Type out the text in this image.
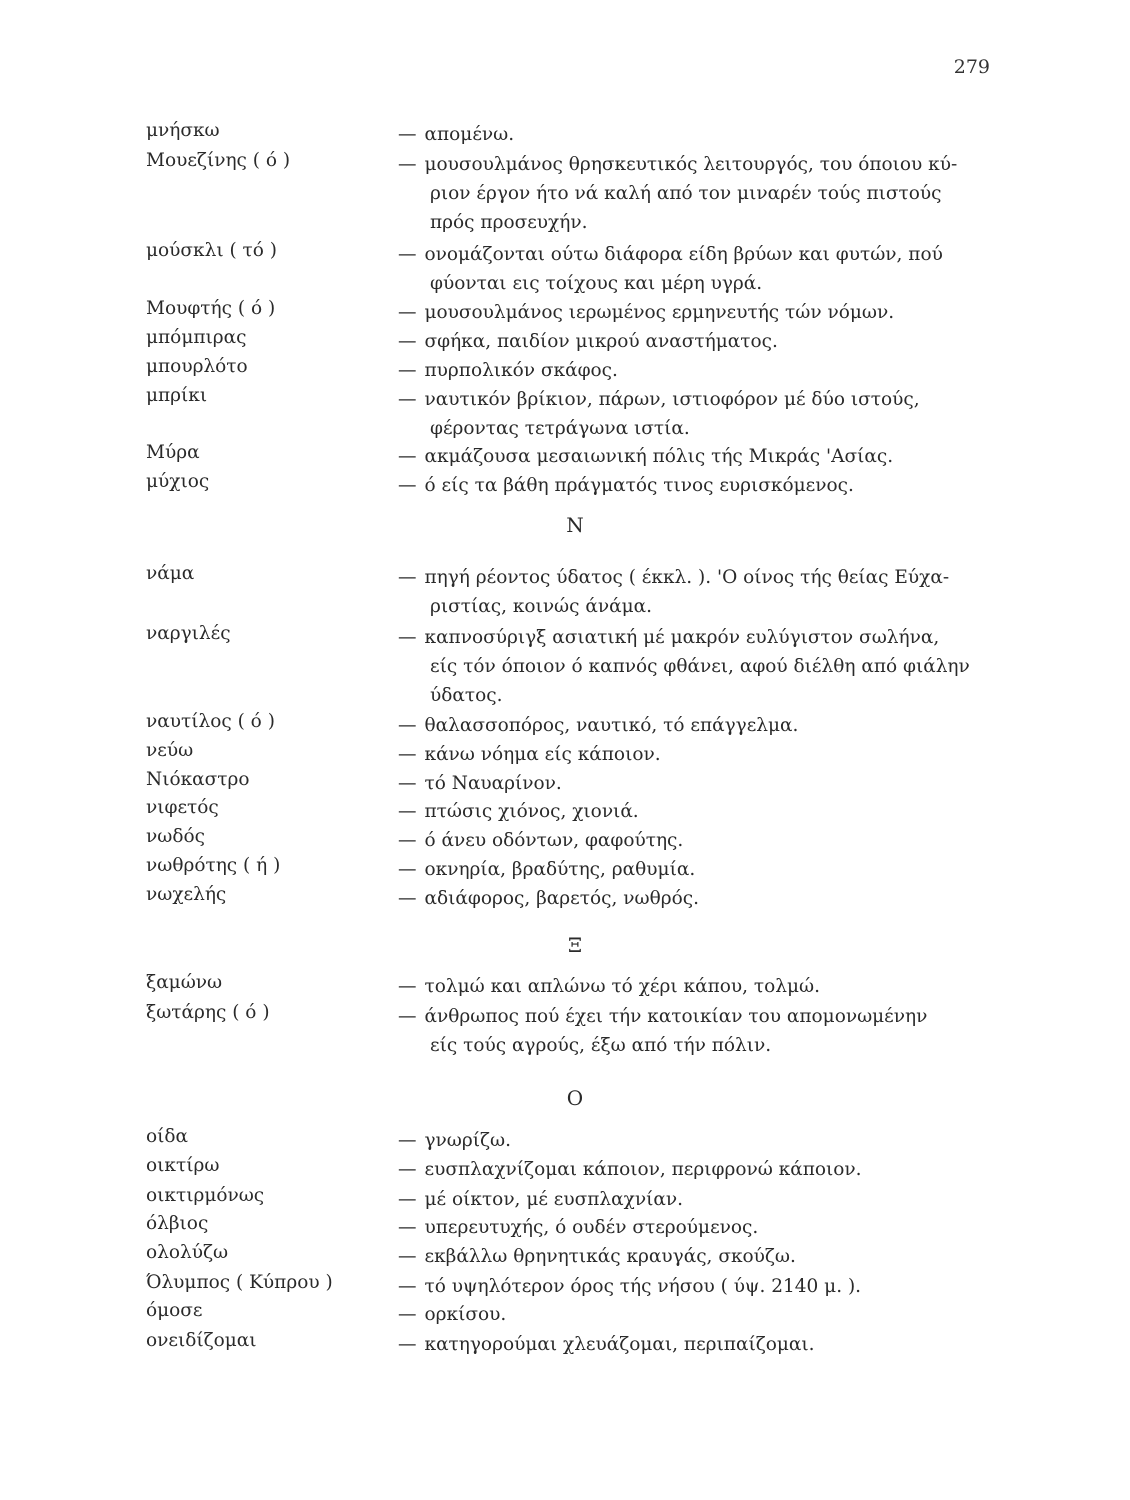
279
μνήσκω	— απομένω.
Μουεζίνης ( ό )	— μουσουλμάνος θρησκευτικός λειτουργός, του όποιου κύ-
ριον έργον ήτο νά καλή από τον μιναρέν τούς πιστούς
πρός προσευχήν.
μούσκλι ( τό )	— ονομάζονται ούτω διάφορα είδη βρύων και φυτών, πού
φύονται εις τοίχους και μέρη υγρά.
Μουφτής ( ό )	— μουσουλμάνος ιερωμένος ερμηνευτής τών νόμων.
μπόμπιρας	— σφήκα, παιδίον μικρού αναστήματος.
μπουρλότο	— πυρπολικόν σκάφος.
μπρίκι	— ναυτικόν βρίκιον, πάρων, ιστιοφόρον μέ δύο ιστούς,
φέροντας τετράγωνα ιστία.
Μύρα	— ακμάζουσα μεσαιωνική πόλις τής Μικράς 'Ασίας.
μύχιος	— ό είς τα βάθη πράγματός τινος ευρισκόμενος.
Ν
νάμα	— πηγή ρέοντος ύδατος ( έκκλ. ). 'Ο οίνος τής θείας Εύχα-
ριστίας, κοινώς άνάμα.
ναργιλές	— καπνοσύριγξ ασιατική μέ μακρόν ευλύγιστον σωλήνα,
είς τόν όποιον ό καπνός φθάνει, αφού διέλθη από φιάλην
ύδατος.
ναυτίλος ( ό )	— θαλασσοπόρος, ναυτικό, τό επάγγελμα.
νεύω	— κάνω νόημα είς κάποιον.
Νιόκαστρο	— τό Ναυαρίνον.
νιφετός	— πτώσις χιόνος, χιονιά.
νωδός	— ό άνευ οδόντων, φαφούτης.
νωθρότης ( ή )	— οκνηρία, βραδύτης, ραθυμία.
νωχελής	— αδιάφορος, βαρετός, νωθρός.
Ξ
ξαμώνω	— τολμώ και απλώνω τό χέρι κάπου, τολμώ.
ξωτάρης ( ό )	— άνθρωπος πού έχει τήν κατοικίαν του απομονωμένην
είς τούς αγρούς, έξω από τήν πόλιν.
Ο
οίδα	— γνωρίζω.
οικτίρω	— ευσπλαχνίζομαι κάποιον, περιφρονώ κάποιον.
οικτιρμόνως	— μέ οίκτον, μέ ευσπλαχνίαν.
όλβιος	— υπερευτυχής, ό ουδέν στερούμενος.
ολολύζω	— εκβάλλω θρηνητικάς κραυγάς, σκούζω.
Όλυμπος ( Κύπρου )	— τό υψηλότερον όρος τής νήσου ( ύψ. 2140 μ. ).
όμοσε	— ορκίσου.
ονειδίζομαι	— κατηγορούμαι χλευάζομαι, περιπαίζομαι.
